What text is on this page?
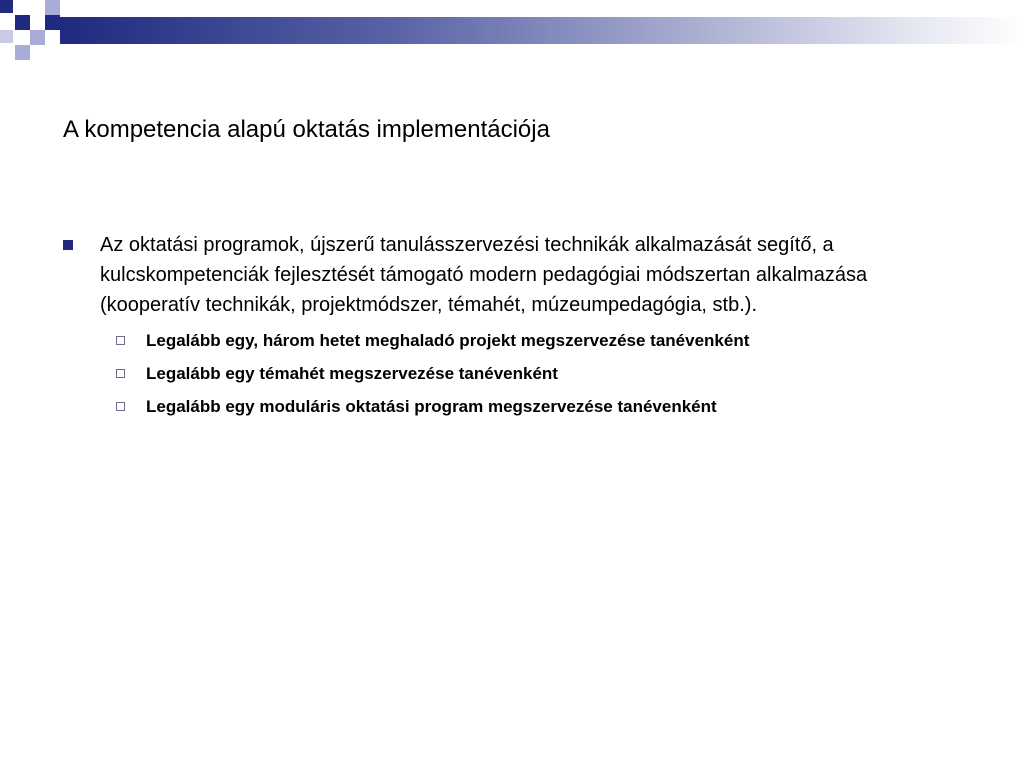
A kompetencia alapú oktatás implementációja
Az oktatási programok, újszerű tanulásszervezési technikák alkalmazását segítő, a kulcskompetenciák fejlesztését támogató modern pedagógiai módszertan alkalmazása (kooperatív technikák, projektmódszer, témahét, múzeumpedagógia, stb.).
Legalább egy, három hetet meghaladó projekt megszervezése tanévenként
Legalább egy témahét megszervezése tanévenként
Legalább egy moduláris oktatási program megszervezése tanévenként
